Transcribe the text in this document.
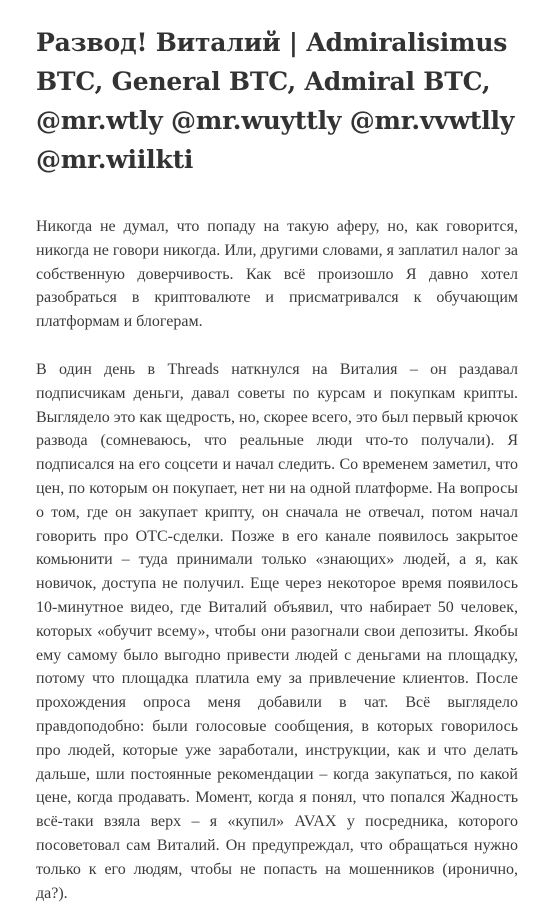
Развод! Виталий | Admiralisimus BTC, General BTC, Admiral BTC, @mr.wtly @mr.wuyttly @mr.vvwtlly @mr.wiilkti

Никогда не думал, что попаду на такую аферу, но, как говорится, никогда не говори никогда. Или, другими словами, я заплатил налог за собственную доверчивость. Как всё произошло Я давно хотел разобраться в криптовалюте и присматривался к обучающим платформам и блогерам.

В один день в Threads наткнулся на Виталия – он раздавал подписчикам деньги, давал советы по курсам и покупкам крипты. Выглядело это как щедрость, но, скорее всего, это был первый крючок развода (сомневаюсь, что реальные люди что-то получали). Я подписался на его соцсети и начал следить. Со временем заметил, что цен, по которым он покупает, нет ни на одной платформе. На вопросы о том, где он закупает крипту, он сначала не отвечал, потом начал говорить про ОТС-сделки. Позже в его канале появилось закрытое комьюнити – туда принимали только «знающих» людей, а я, как новичок, доступа не получил. Еще через некоторое время появилось 10-минутное видео, где Виталий объявил, что набирает 50 человек, которых «обучит всему», чтобы они разогнали свои депозиты. Якобы ему самому было выгодно привести людей с деньгами на площадку, потому что площадка платила ему за привлечение клиентов. После прохождения опроса меня добавили в чат. Всё выглядело правдоподобно: были голосовые сообщения, в которых говорилось про людей, которые уже заработали, инструкции, как и что делать дальше, шли постоянные рекомендации – когда закупаться, по какой цене, когда продавать. Момент, когда я понял, что попался Жадность всё-таки взяла верх – я «купил» AVAX у посредника, которого посоветовал сам Виталий. Он предупреждал, что обращаться нужно только к его людям, чтобы не попасть на мошенников (иронично, да?).
